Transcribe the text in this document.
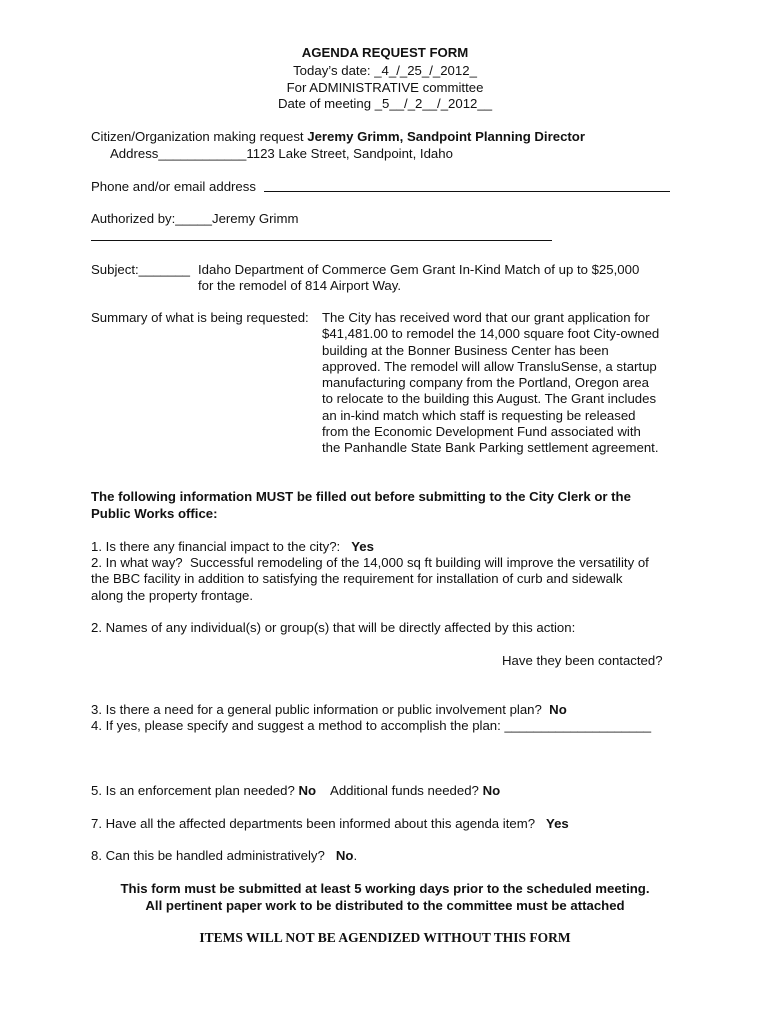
AGENDA REQUEST FORM
Today’s date: _4_/_25_/_2012_
For ADMINISTRATIVE committee
Date of meeting _5__/_2__/_2012__
Citizen/Organization making request Jeremy Grimm, Sandpoint Planning Director
Address____________1123 Lake Street, Sandpoint, Idaho
Phone and/or email address
Authorized by:_____Jeremy Grimm
Subject:_______ Idaho Department of Commerce Gem Grant In-Kind Match of up to $25,000
for the remodel of 814 Airport Way.
Summary of what is being requested: The City has received word that our grant application for
$41,481.00 to remodel the 14,000 square foot City-owned
building at the Bonner Business Center has been
approved. The remodel will allow TransluSense, a startup
manufacturing company from the Portland, Oregon area
to relocate to the building this August. The Grant includes
an in-kind match which staff is requesting be released
from the Economic Development Fund associated with
the Panhandle State Bank Parking settlement agreement.
The following information MUST be filled out before submitting to the City Clerk or the
Public Works office:
1. Is there any financial impact to the city?: Yes
2. In what way?  Successful remodeling of the 14,000 sq ft building will improve the versatility of
the BBC facility in addition to satisfying the requirement for installation of curb and sidewalk
along the property frontage.
2. Names of any individual(s) or group(s) that will be directly affected by this action:
Have they been contacted?
3. Is there a need for a general public information or public involvement plan? No
4. If yes, please specify and suggest a method to accomplish the plan: ____________________
5. Is an enforcement plan needed? No Additional funds needed? No
7. Have all the affected departments been informed about this agenda item? Yes
8. Can this be handled administratively? No.
This form must be submitted at least 5 working days prior to the scheduled meeting.
All pertinent paper work to be distributed to the committee must be attached
ITEMS WILL NOT BE AGENDIZED WITHOUT THIS FORM
